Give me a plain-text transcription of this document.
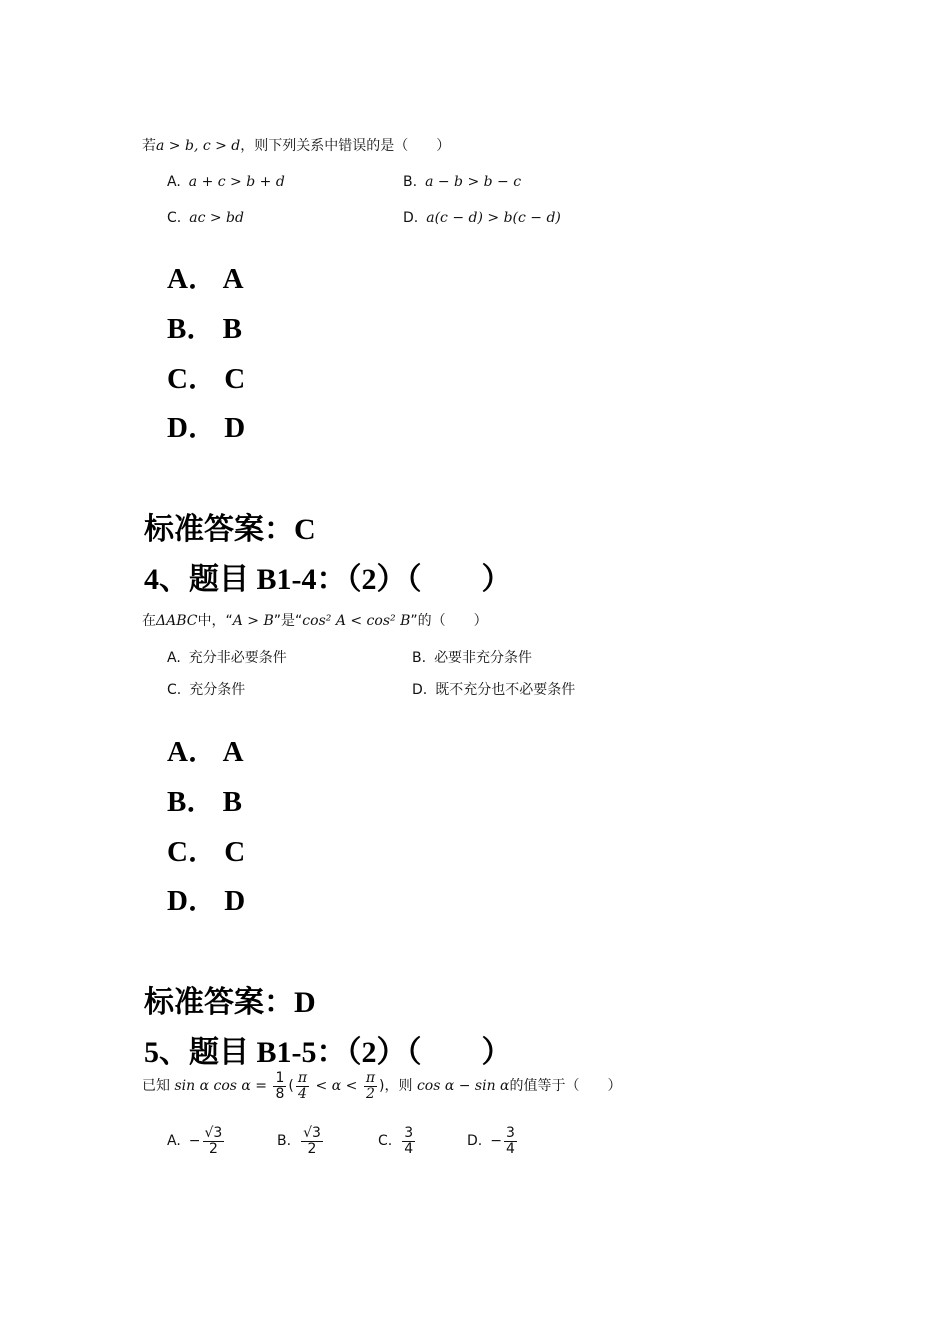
若a > b, c > d，则下列关系中错误的是（　　）
A. a + c > b + d	B. a − b > b − c
C. ac > bd	D. a(c − d) > b(c − d)
A． A
B． B
C． C
D． D
标准答案：C
4、题目 B1-4：（2）（　　）
在ΔABC中，“A > B”是“cos² A < cos² B”的（　　）
A. 充分非必要条件	B. 必要非充分条件
C. 充分条件	D. 既不充分也不必要条件
A． A
B． B
C． C
D． D
标准答案：D
5、题目 B1-5：（2）（　　）
已知 sin α $\cos \alpha = \frac{1}{8}$ ( $\frac{\pi}{4} < \alpha < \frac{\pi}{2}$ )，则 cos α − sin α的值等于（　　）
A. − $\frac{√3}{2}$	B. $\frac{√3}{2}$	C. $\frac{3}{4}$	D. − $\frac{3}{4}$
